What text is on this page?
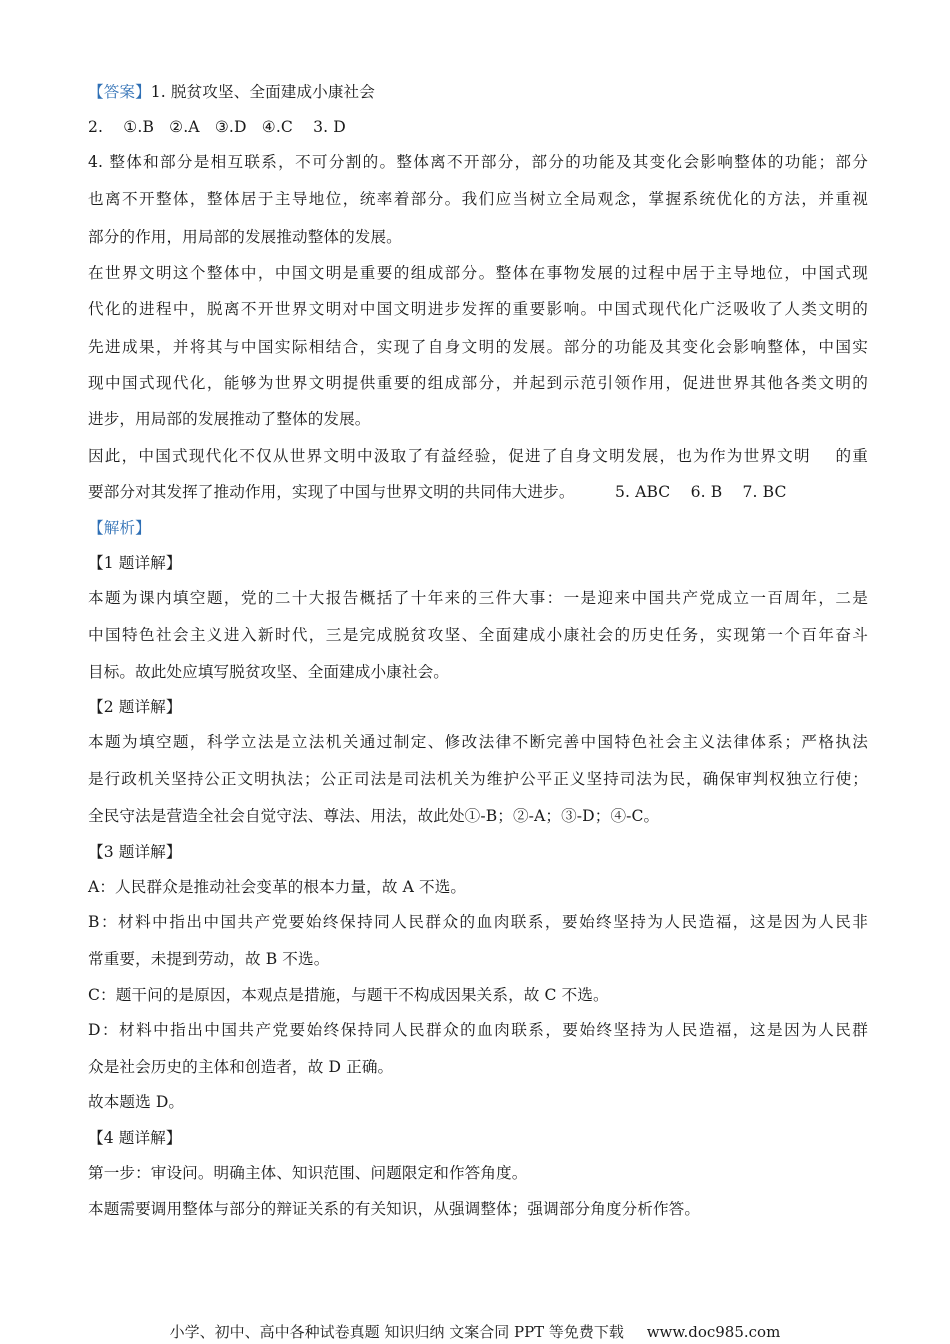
【答案】1. 脱贫攻坚、全面建成小康社会
2.    ①.B   ②.A   ③.D   ④.C    3. D
4. 整体和部分是相互联系，不可分割的。整体离不开部分，部分的功能及其变化会影响整体的功能；部分
也离不开整体，整体居于主导地位，统率着部分。我们应当树立全局观念，掌握系统优化的方法，并重视
部分的作用，用局部的发展推动整体的发展。
在世界文明这个整体中，中国文明是重要的组成部分。整体在事物发展的过程中居于主导地位，中国式现
代化的进程中，脱离不开世界文明对中国文明进步发挥的重要影响。中国式现代化广泛吸收了人类文明的
先进成果，并将其与中国实际相结合，实现了自身文明的发展。部分的功能及其变化会影响整体，中国实
现中国式现代化，能够为世界文明提供重要的组成部分，并起到示范引领作用，促进世界其他各类文明的
进步，用局部的发展推动了整体的发展。
因此，中国式现代化不仅从世界文明中汲取了有益经验，促进了自身文明发展，也为作为世界文明    的重
要部分对其发挥了推动作用，实现了中国与世界文明的共同伟大进步。        5. ABC    6. B    7. BC
【解析】
【1 题详解】
本题为课内填空题，党的二十大报告概括了十年来的三件大事：一是迎来中国共产党成立一百周年，二是
中国特色社会主义进入新时代，三是完成脱贫攻坚、全面建成小康社会的历史任务，实现第一个百年奋斗
目标。故此处应填写脱贫攻坚、全面建成小康社会。
【2 题详解】
本题为填空题，科学立法是立法机关通过制定、修改法律不断完善中国特色社会主义法律体系；严格执法
是行政机关坚持公正文明执法；公正司法是司法机关为维护公平正义坚持司法为民，确保审判权独立行使；
全民守法是营造全社会自觉守法、尊法、用法，故此处①-B；②-A；③-D；④-C。
【3 题详解】
A：人民群众是推动社会变革的根本力量，故 A 不选。
B：材料中指出中国共产党要始终保持同人民群众的血肉联系，要始终坚持为人民造福，这是因为人民非
常重要，未提到劳动，故 B 不选。
C：题干问的是原因，本观点是措施，与题干不构成因果关系，故 C 不选。
D：材料中指出中国共产党要始终保持同人民群众的血肉联系，要始终坚持为人民造福，这是因为人民群
众是社会历史的主体和创造者，故 D 正确。
故本题选 D。
【4 题详解】
第一步：审设问。明确主体、知识范围、问题限定和作答角度。
本题需要调用整体与部分的辩证关系的有关知识，从强调整体；强调部分角度分析作答。
小学、初中、高中各种试卷真题 知识归纳 文案合同 PPT 等免费下载 www.doc985.com
